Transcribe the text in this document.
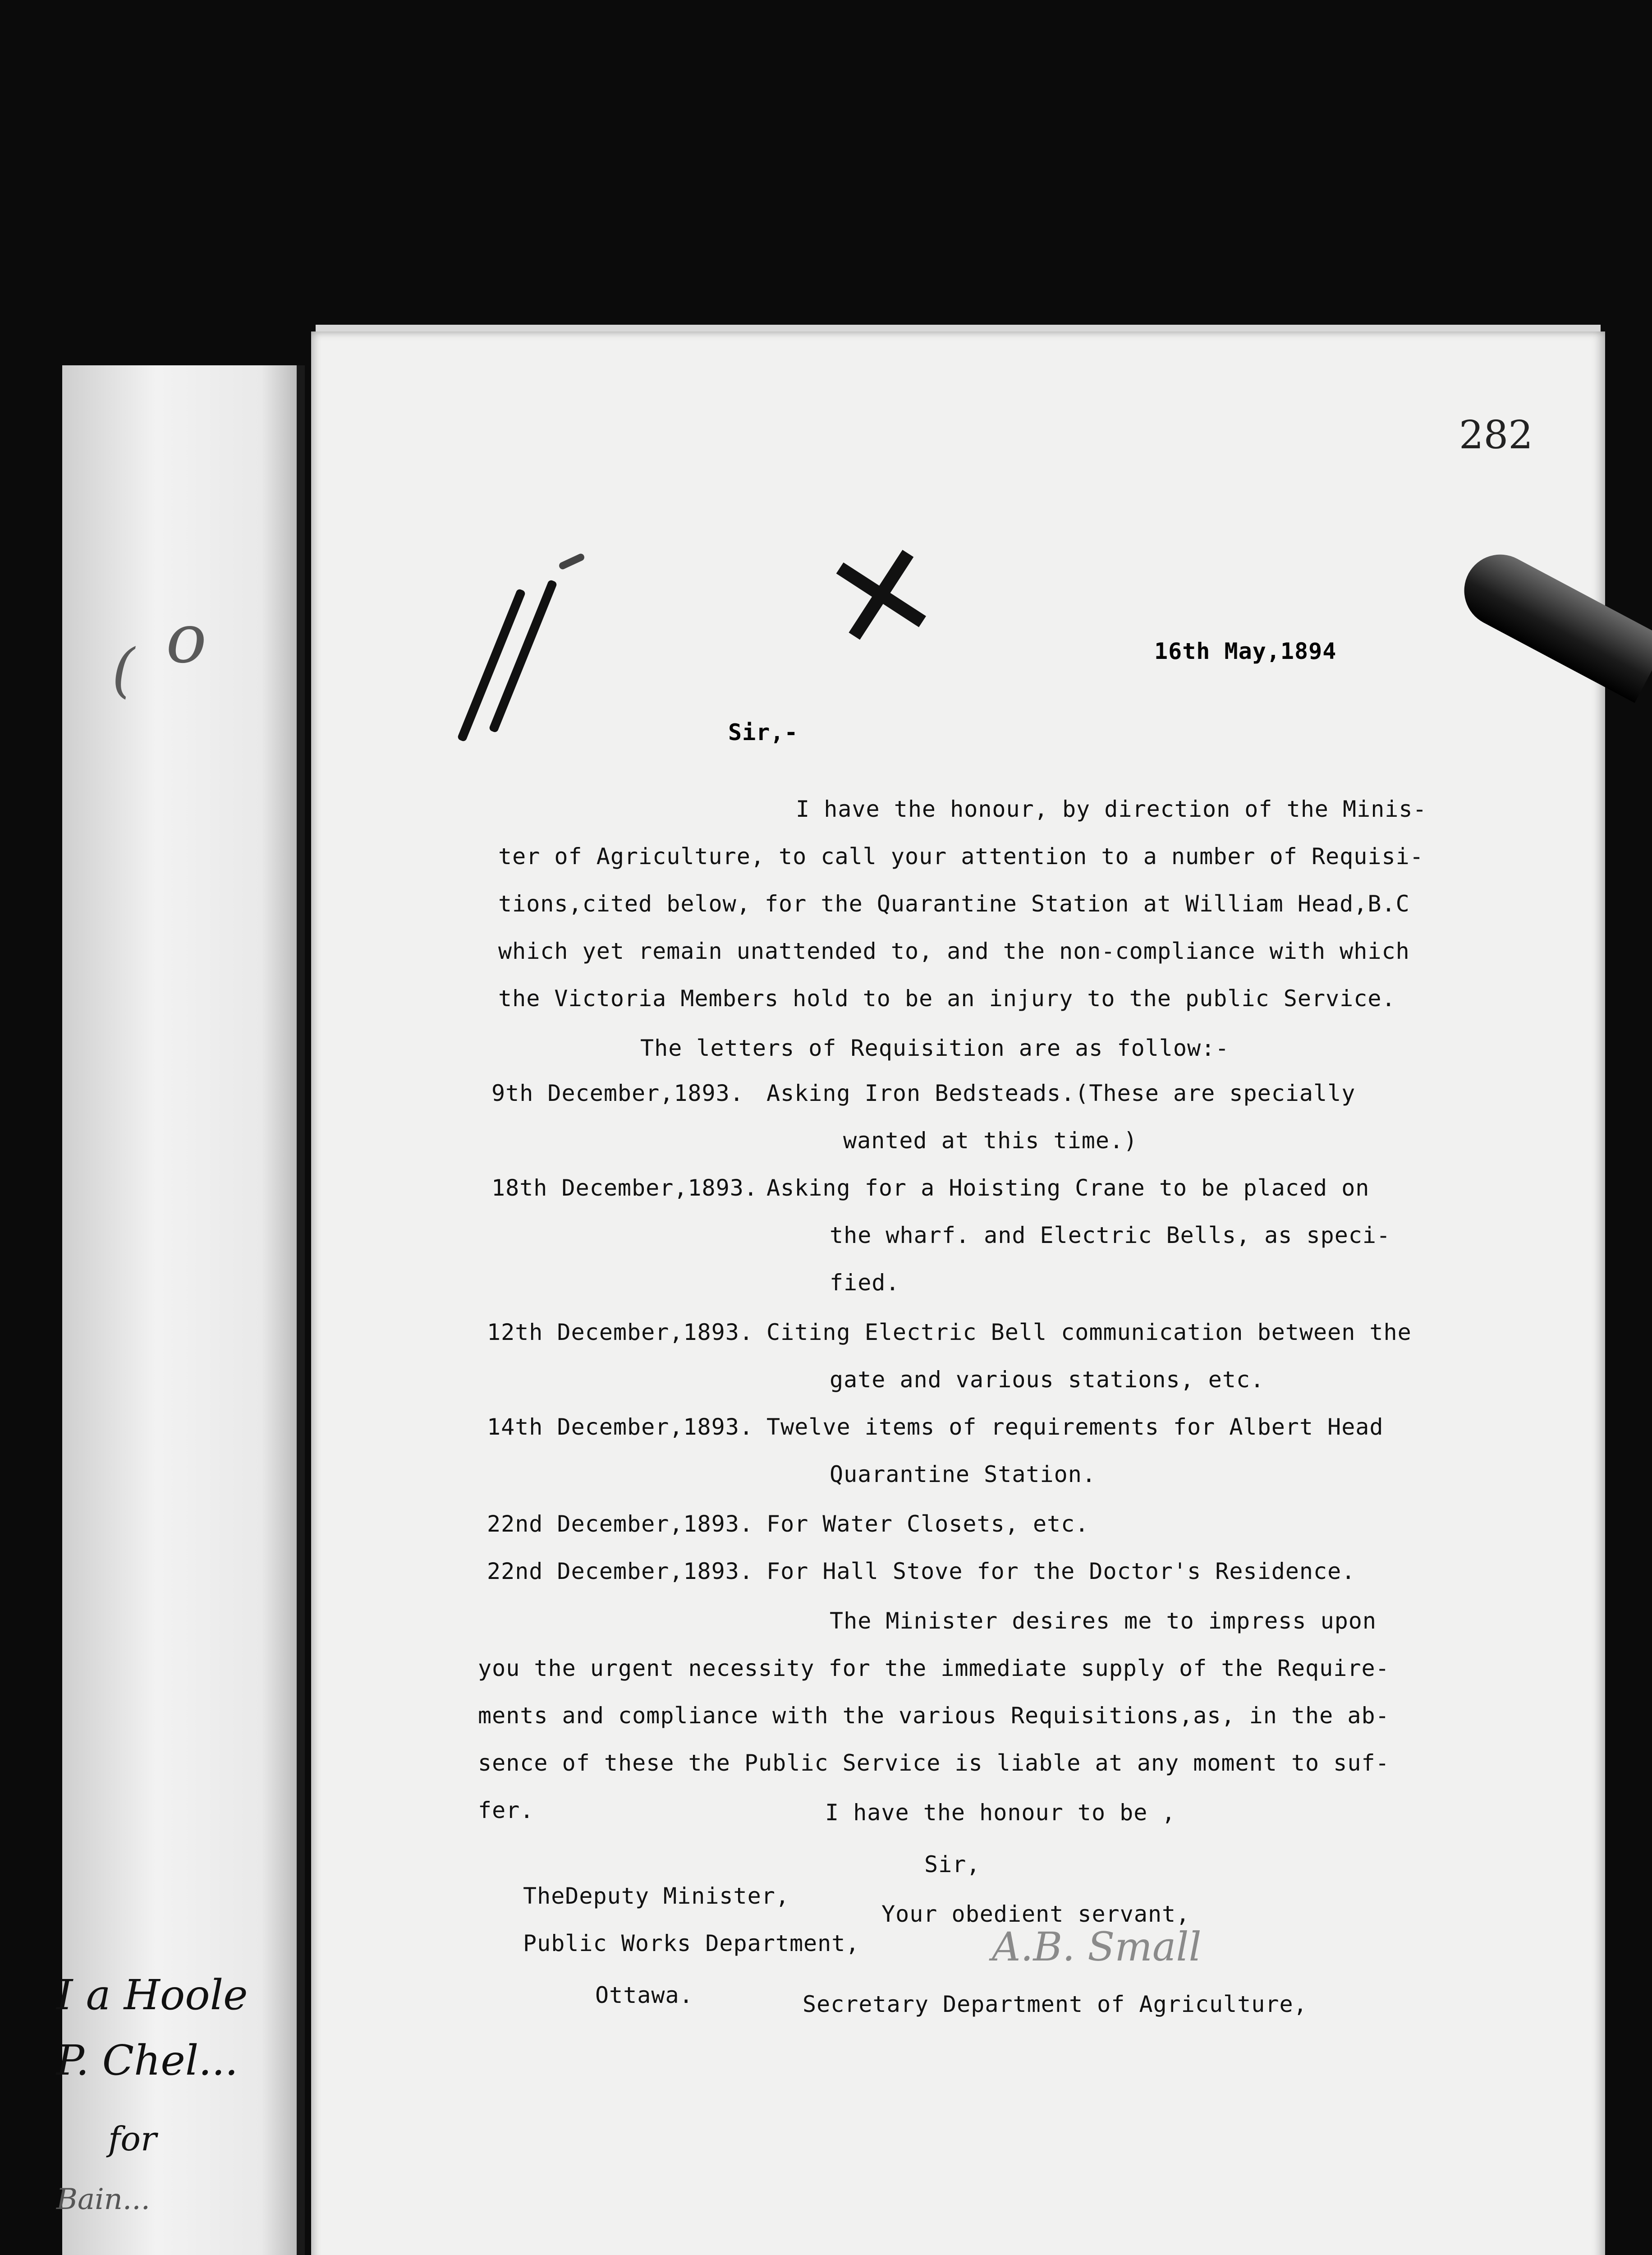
o
(
I a Hoole
P. Chel...
for
Bain...
282
✕	16th May,1894
Sir,-
I have the honour, by direction of the Minis-
ter of Agriculture, to call your attention to a number of Requisi-
tions,cited below, for the Quarantine Station at William Head,B.C
which yet remain unattended to, and the non-compliance with which
the Victoria Members hold to be an injury to the public Service.
The letters of Requisition are as follow:-
9th December,1893. Asking Iron Bedsteads.(These are specially
wanted at this time.)
18th December,1893. Asking for a Hoisting Crane to be placed on
the wharf. and Electric Bells, as speci-
fied.
12th December,1893. Citing Electric Bell communication between the
gate and various stations, etc.
14th December,1893. Twelve items of requirements for Albert Head
Quarantine Station.
22nd December,1893. For Water Closets, etc.
22nd December,1893. For Hall Stove for the Doctor's Residence.
The Minister desires me to impress upon
you the urgent necessity for the immediate supply of the Require-
ments and compliance with the various Requisitions,as, in the ab-
sence of these the Public Service is liable at any moment to suf-
fer.	I have the honour to be ,
Sir,
Your obedient servant,
TheDeputy Minister,
Public Works Department,
Ottawa.
A.B. Small
Secretary Department of Agriculture,
